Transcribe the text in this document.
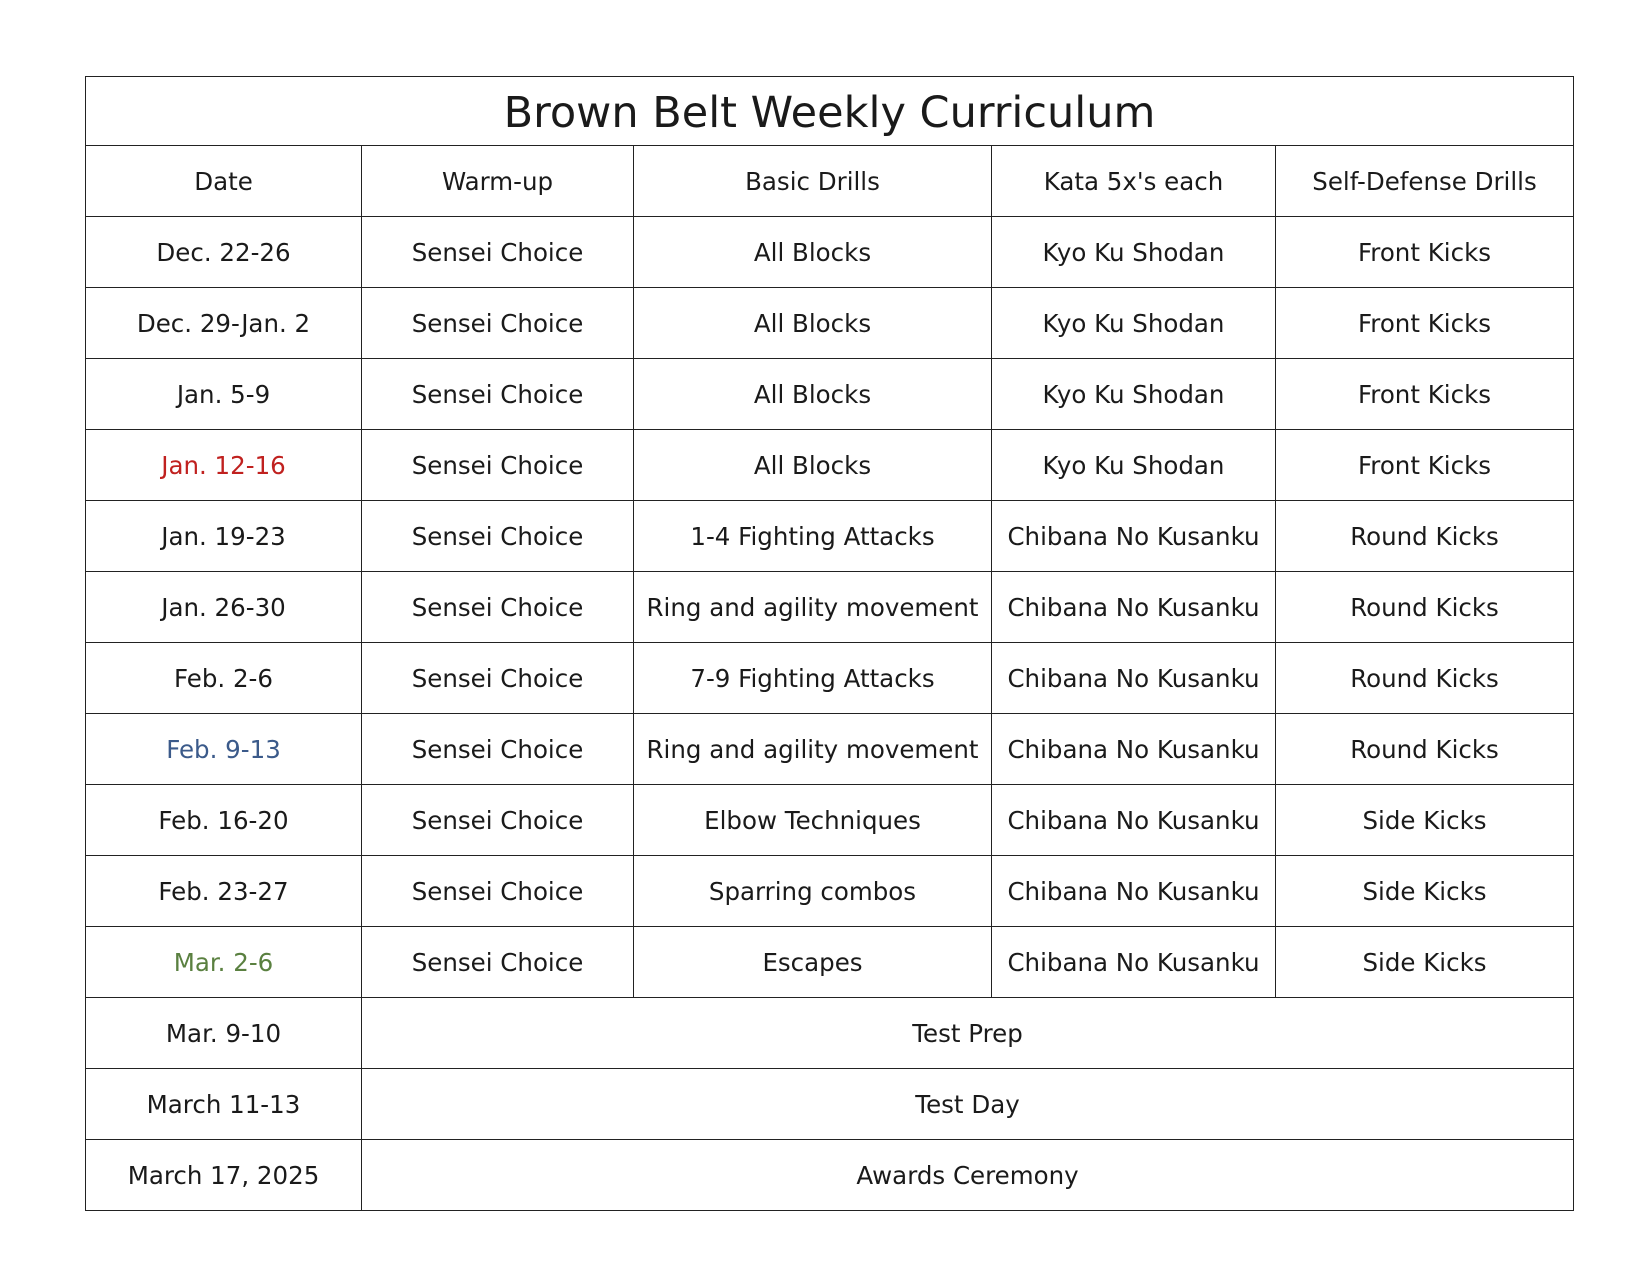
Brown Belt Weekly Curriculum				
Date	Warm-up	Basic Drills	Kata 5x's each	Self-Defense Drills
Dec. 22-26	Sensei Choice	All Blocks	Kyo Ku Shodan	Front Kicks
Dec. 29-Jan. 2	Sensei Choice	All Blocks	Kyo Ku Shodan	Front Kicks
Jan. 5-9	Sensei Choice	All Blocks	Kyo Ku Shodan	Front Kicks
Jan. 12-16	Sensei Choice	All Blocks	Kyo Ku Shodan	Front Kicks
Jan. 19-23	Sensei Choice	1-4 Fighting Attacks	Chibana No Kusanku	Round Kicks
Jan. 26-30	Sensei Choice	Ring and agility movement	Chibana No Kusanku	Round Kicks
Feb. 2-6	Sensei Choice	7-9 Fighting Attacks	Chibana No Kusanku	Round Kicks
Feb. 9-13	Sensei Choice	Ring and agility movement	Chibana No Kusanku	Round Kicks
Feb. 16-20	Sensei Choice	Elbow Techniques	Chibana No Kusanku	Side Kicks
Feb. 23-27	Sensei Choice	Sparring combos	Chibana No Kusanku	Side Kicks
Mar. 2-6	Sensei Choice	Escapes	Chibana No Kusanku	Side Kicks
Mar. 9-10	Test Prep			
March 11-13	Test Day			
March 17, 2025	Awards Ceremony			
